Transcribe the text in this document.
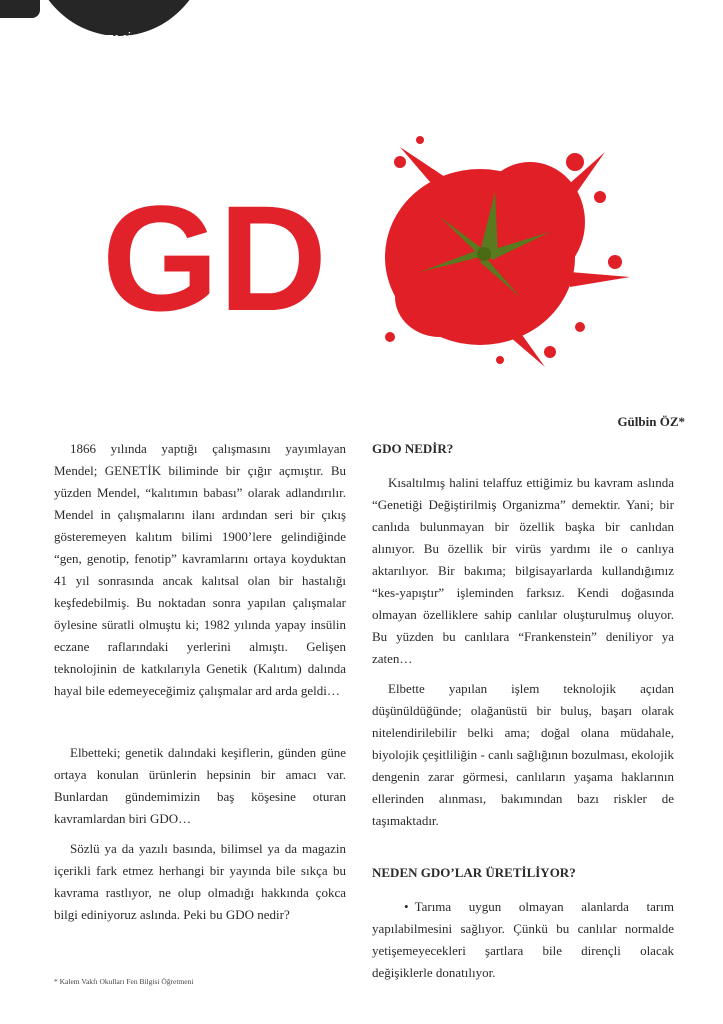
KALEMİN GÜCÜ
50
GD
Gülbin ÖZ*

1866 yılında yaptığı çalışmasını yayımlayan Mendel; GENETİK biliminde bir çığır açmıştır. Bu yüzden Mendel, “kalıtımın babası” olarak adlandırılır. Mendel in çalışmalarını ilanı ardından seri bir çıkış gösteremeyen kalıtım bilimi 1900’lere gelindiğinde “gen, genotip, fenotip” kavramlarını ortaya koyduktan 41 yıl sonrasında ancak kalıtsal olan bir hastalığı keşfedebilmiş. Bu noktadan sonra yapılan çalışmalar öylesine süratli olmuştu ki; 1982 yılında yapay insülin eczane raflarındaki yerlerini almıştı. Gelişen teknolojinin de katkılarıyla Genetik (Kalıtım) dalında hayal bile edemeyeceğimiz çalışmalar ard arda geldi…

Elbetteki; genetik dalındaki keşiflerin, günden güne ortaya konulan ürünlerin hepsinin bir amacı var. Bunlardan gündemimizin baş köşesine oturan kavramlardan biri GDO…

Sözlü ya da yazılı basında, bilimsel ya da magazin içerikli fark etmez herhangi bir yayında bile sıkça bu kavrama rastlıyor, ne olup olmadığı hakkında çokca bilgi ediniyoruz aslında. Peki bu GDO nedir?

GDO NEDİR?

Kısaltılmış halini telaffuz ettiğimiz bu kavram aslında “Genetiği Değiştirilmiş Organizma” demektir. Yani; bir canlıda bulunmayan bir özellik başka bir canlıdan alınıyor. Bu özellik bir virüs yardımı ile o canlıya aktarılıyor. Bir bakıma; bilgisayarlarda kullandığımız “kes-yapıştır” işleminden farksız. Kendi doğasında olmayan özelliklere sahip canlılar oluşturulmuş oluyor. Bu yüzden bu canlılara “Frankenstein” deniliyor ya zaten…

Elbette yapılan işlem teknolojik açıdan düşünüldüğünde; olağanüstü bir buluş, başarı olarak nitelendirilebilir belki ama; doğal olana müdahale, biyolojik çeşitliliğin - canlı sağlığının bozulması, ekolojik dengenin zarar görmesi, canlıların yaşama haklarının ellerinden alınması, bakımından bazı riskler de taşımaktadır.

NEDEN GDO’LAR ÜRETİLİYOR?

• Tarıma uygun olmayan alanlarda tarım yapılabilmesini sağlıyor. Çünkü bu canlılar normalde yetişemeyecekleri şartlara bile dirençli olacak değişiklerle donatılıyor.

* Kalem Vakfı Okulları Fen Bilgisi Öğretmeni
